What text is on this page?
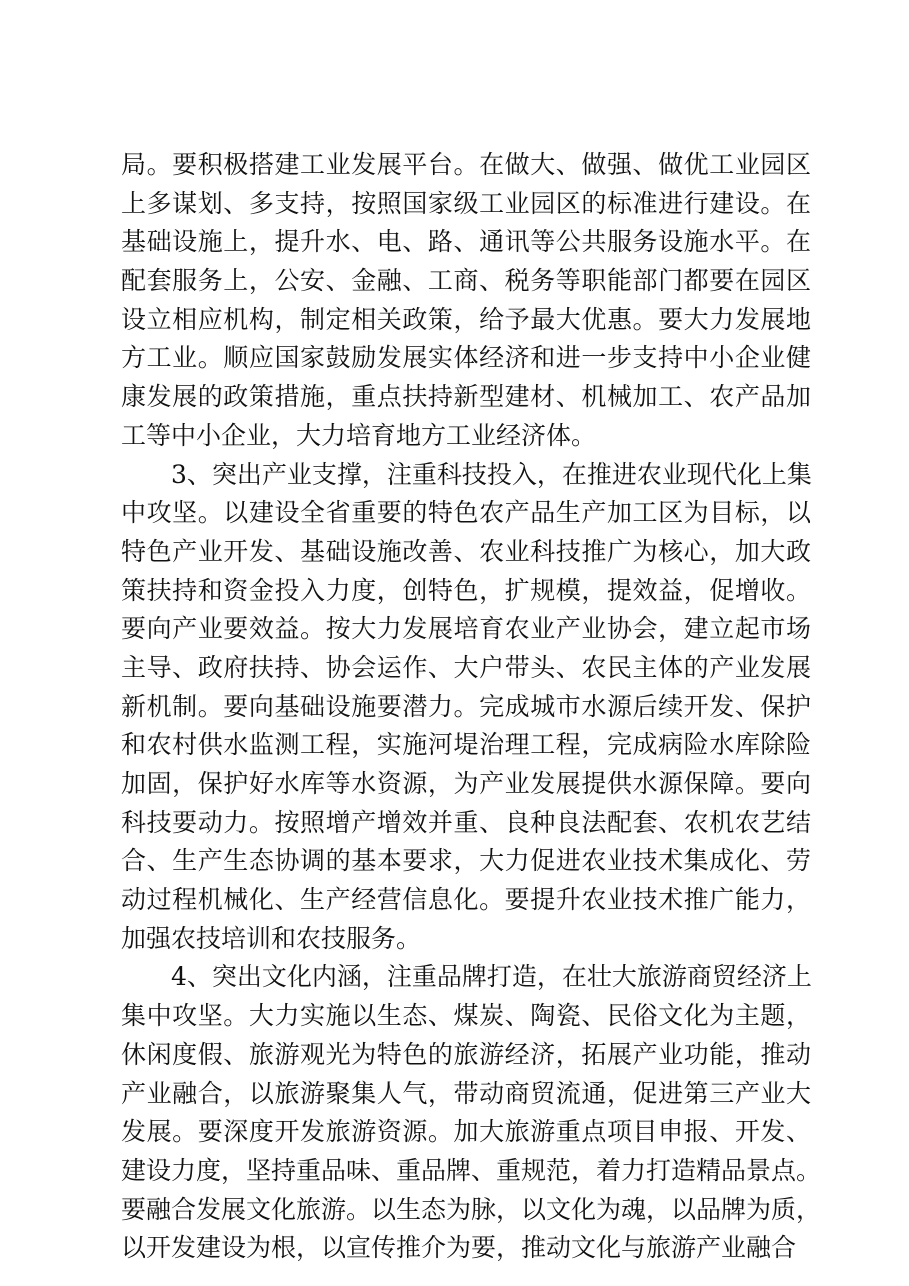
局。要积极搭建工业发展平台。在做大、做强、做优工业园区
上多谋划、多支持，按照国家级工业园区的标准进行建设。在
基础设施上，提升水、电、路、通讯等公共服务设施水平。在
配套服务上，公安、金融、工商、税务等职能部门都要在园区
设立相应机构，制定相关政策，给予最大优惠。要大力发展地
方工业。顺应国家鼓励发展实体经济和进一步支持中小企业健
康发展的政策措施，重点扶持新型建材、机械加工、农产品加
工等中小企业，大力培育地方工业经济体。
3、突出产业支撑，注重科技投入，在推进农业现代化上集
中攻坚。以建设全省重要的特色农产品生产加工区为目标，以
特色产业开发、基础设施改善、农业科技推广为核心，加大政
策扶持和资金投入力度，创特色，扩规模，提效益，促增收。
要向产业要效益。按大力发展培育农业产业协会，建立起市场
主导、政府扶持、协会运作、大户带头、农民主体的产业发展
新机制。要向基础设施要潜力。完成城市水源后续开发、保护
和农村供水监测工程，实施河堤治理工程，完成病险水库除险
加固，保护好水库等水资源，为产业发展提供水源保障。要向
科技要动力。按照增产增效并重、良种良法配套、农机农艺结
合、生产生态协调的基本要求，大力促进农业技术集成化、劳
动过程机械化、生产经营信息化。要提升农业技术推广能力，
加强农技培训和农技服务。
4、突出文化内涵，注重品牌打造，在壮大旅游商贸经济上
集中攻坚。大力实施以生态、煤炭、陶瓷、民俗文化为主题，
休闲度假、旅游观光为特色的旅游经济，拓展产业功能，推动
产业融合，以旅游聚集人气，带动商贸流通，促进第三产业大
发展。要深度开发旅游资源。加大旅游重点项目申报、开发、
建设力度，坚持重品味、重品牌、重规范，着力打造精品景点。
要融合发展文化旅游。以生态为脉，以文化为魂，以品牌为质，
以开发建设为根，以宣传推介为要，推动文化与旅游产业融合
